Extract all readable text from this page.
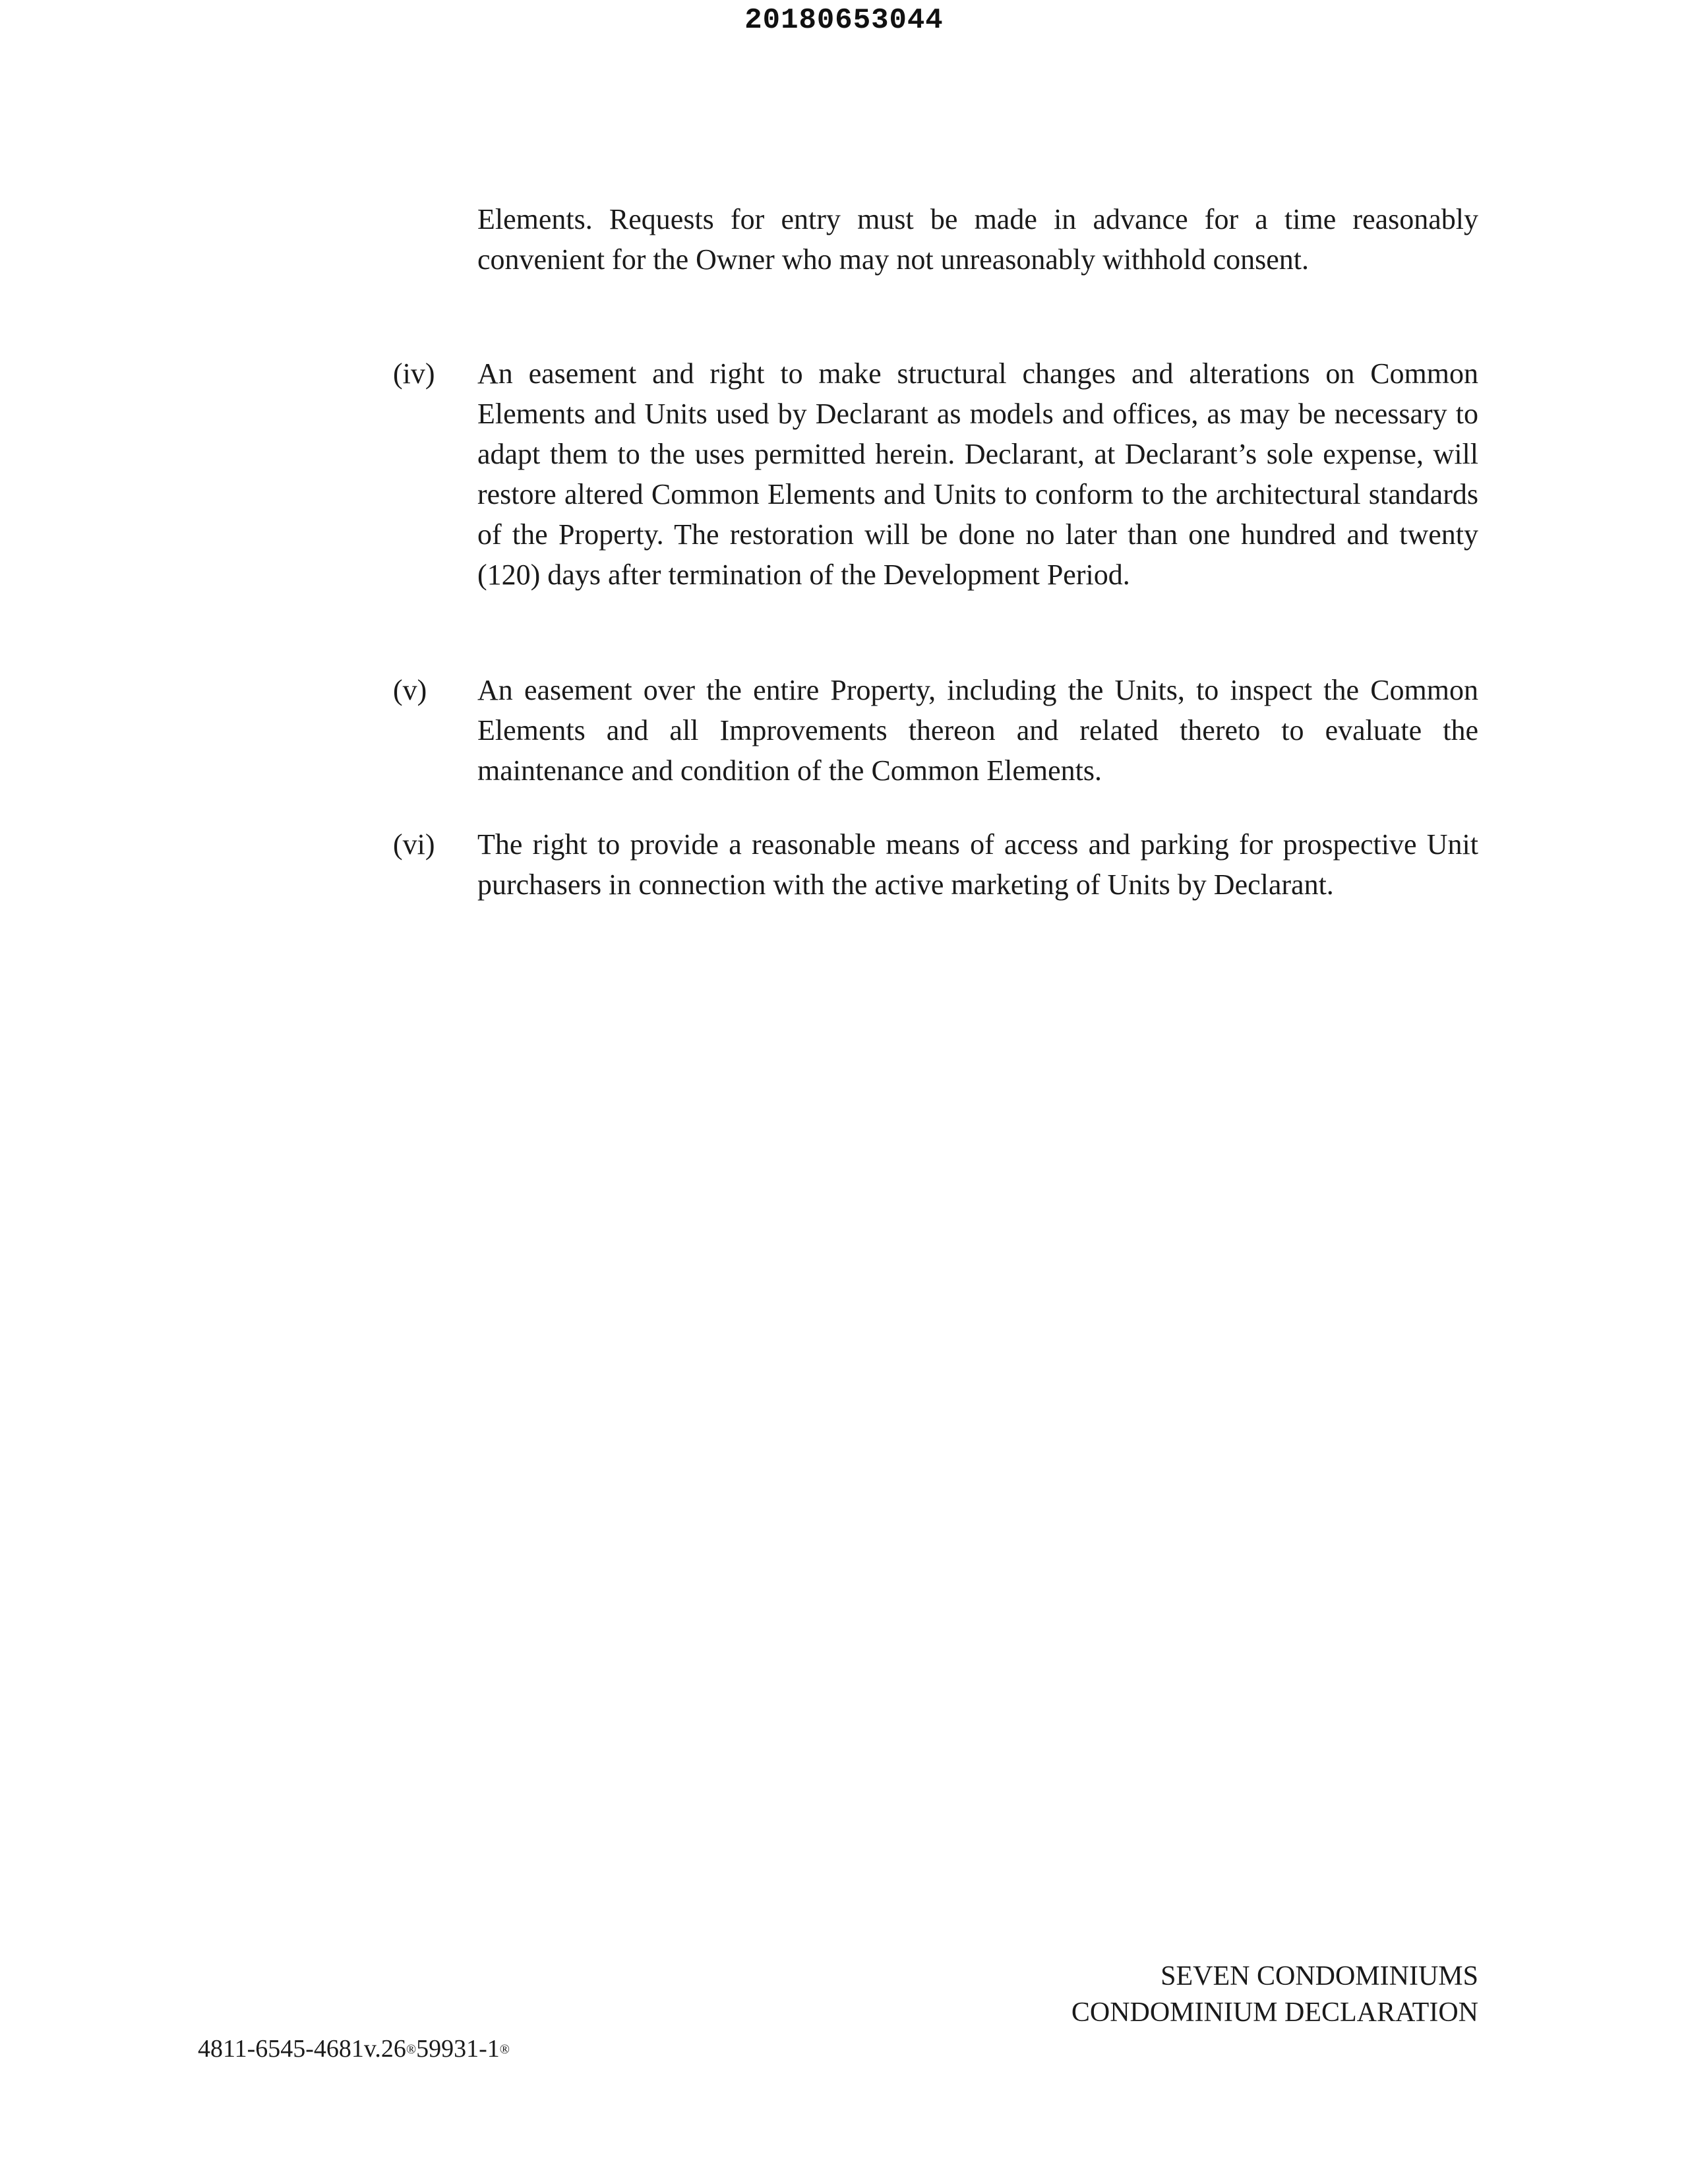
20180653044
Elements. Requests for entry must be made in advance for a time reasonably convenient for the Owner who may not unreasonably withhold consent.
(iv) An easement and right to make structural changes and alterations on Common Elements and Units used by Declarant as models and offices, as may be necessary to adapt them to the uses permitted herein. Declarant, at Declarant’s sole expense, will restore altered Common Elements and Units to conform to the architectural standards of the Property. The restoration will be done no later than one hundred and twenty (120) days after termination of the Development Period.
(v) An easement over the entire Property, including the Units, to inspect the Common Elements and all Improvements thereon and related thereto to evaluate the maintenance and condition of the Common Elements.
(vi) The right to provide a reasonable means of access and parking for prospective Unit purchasers in connection with the active marketing of Units by Declarant.
SEVEN CONDOMINIUMS
CONDOMINIUM DECLARATION
4811-6545-4681v.26®59931-1®
